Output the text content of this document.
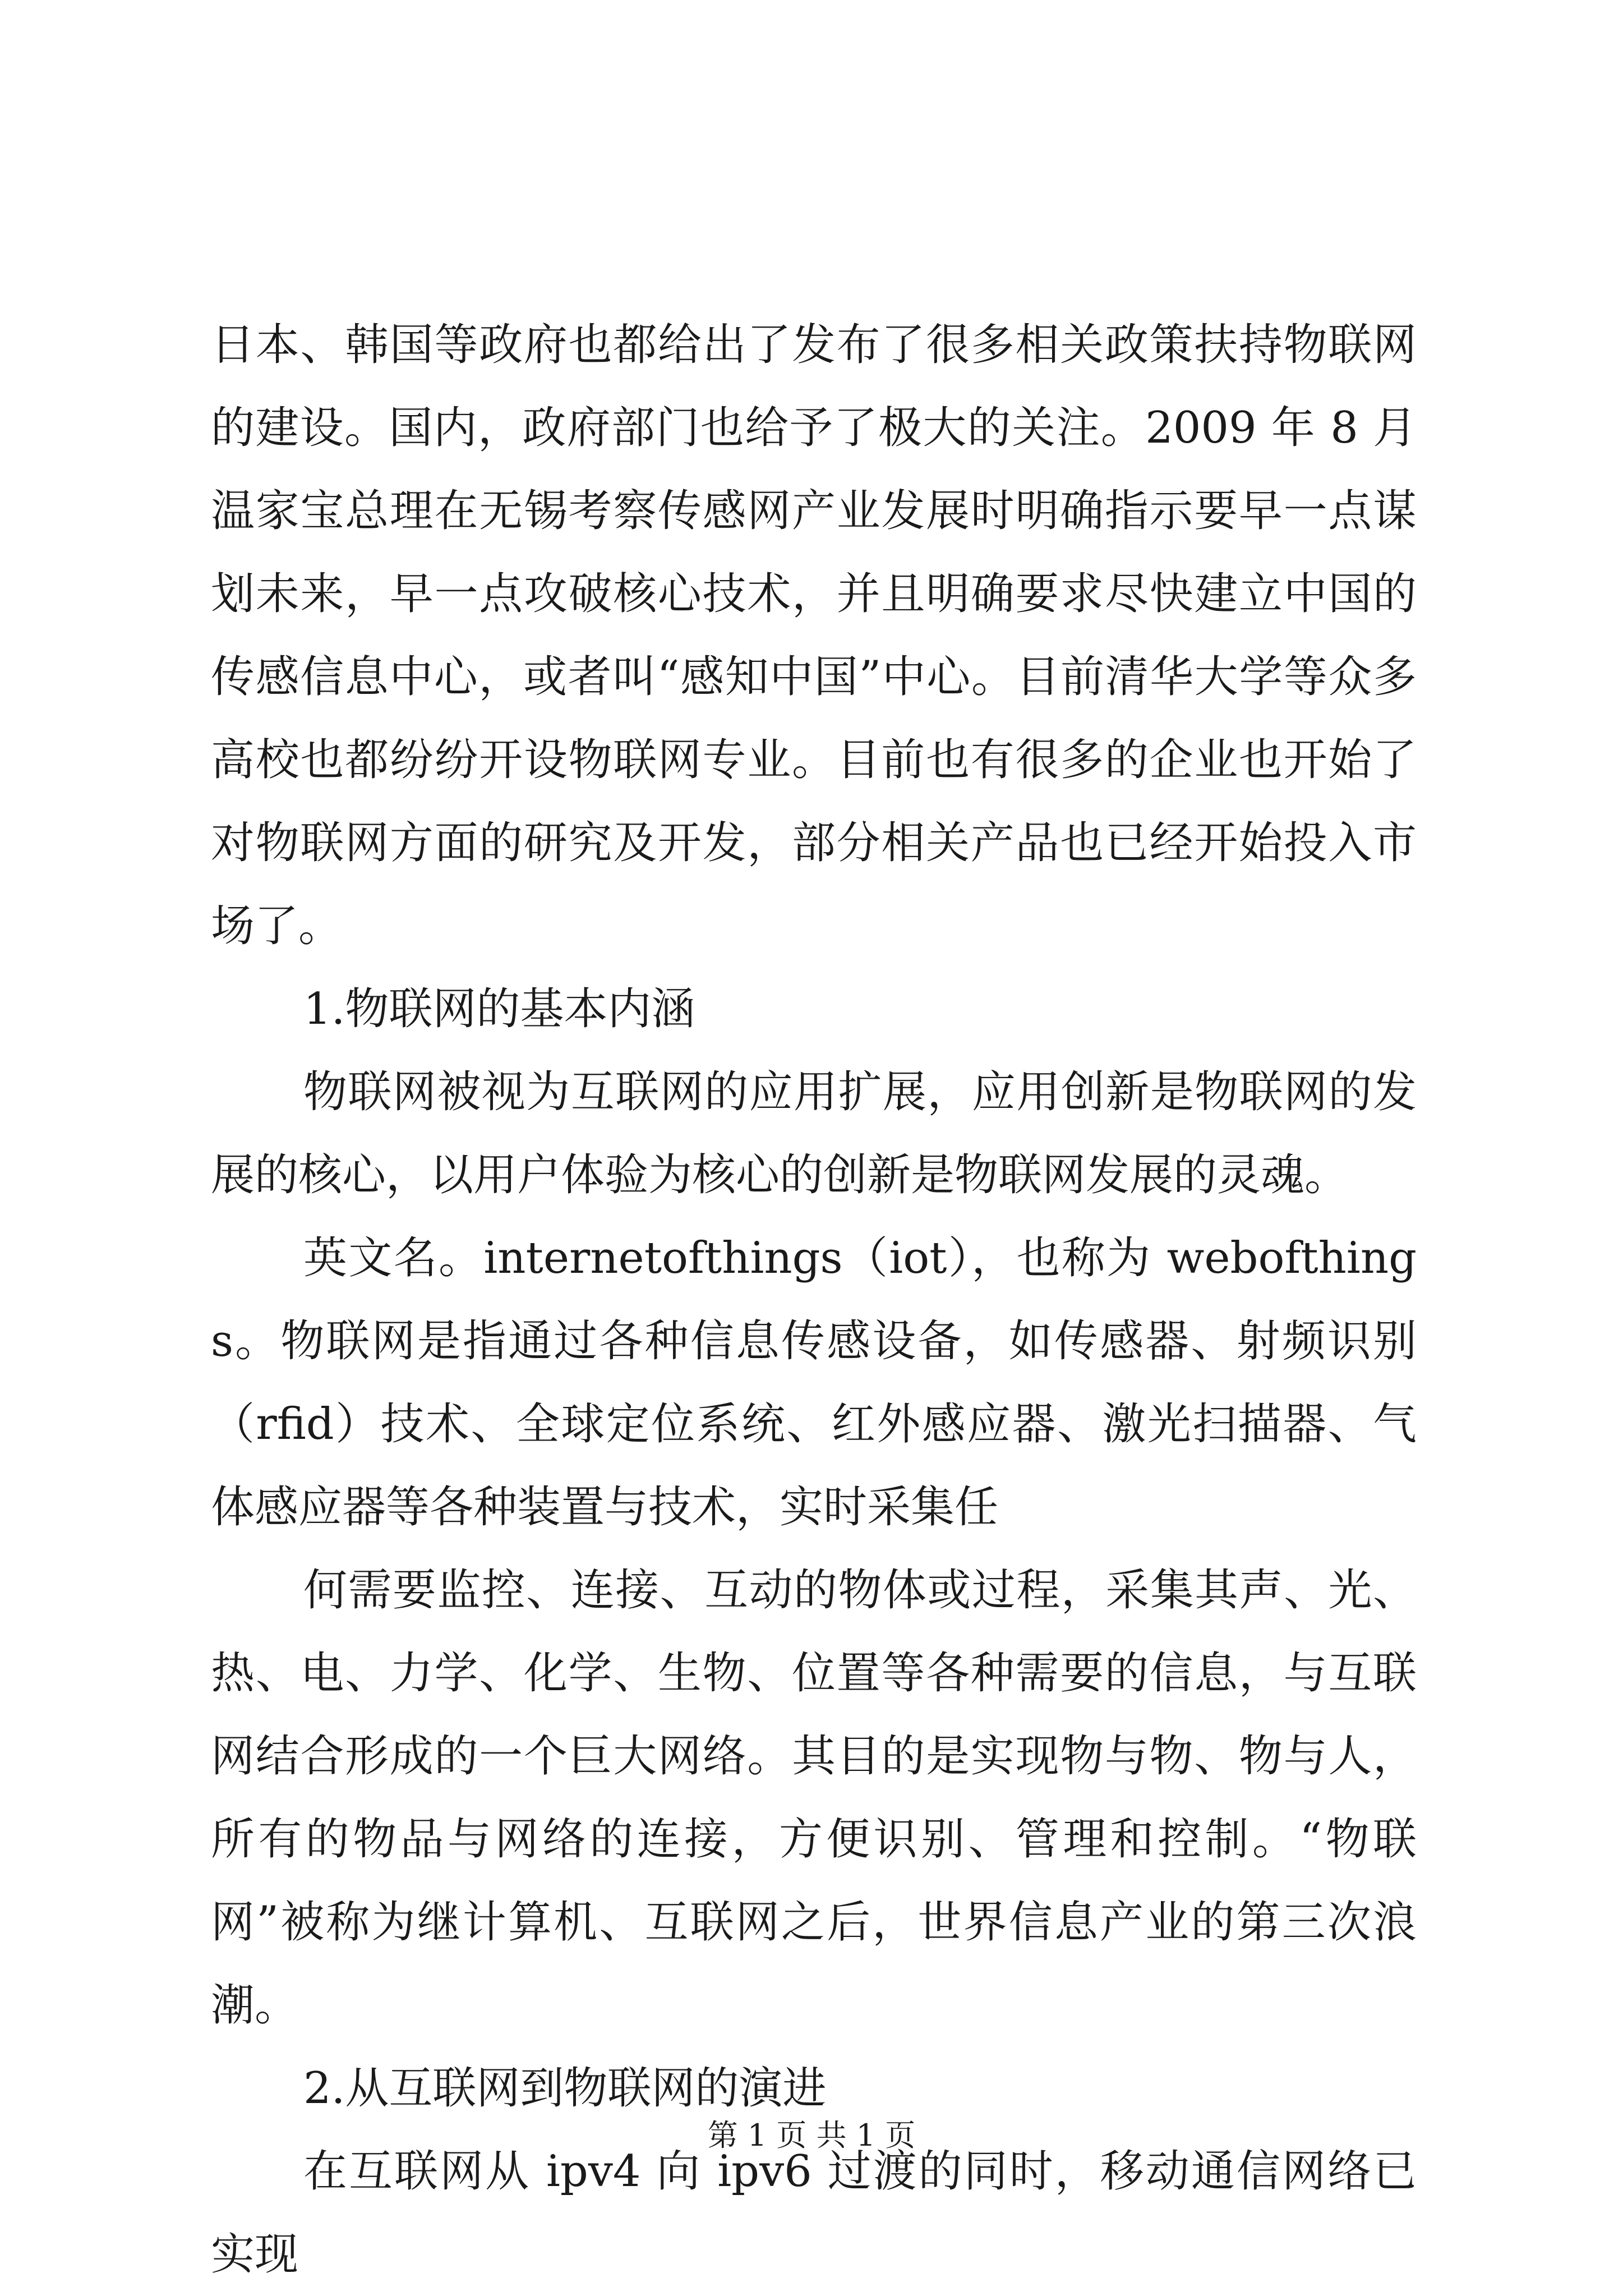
日本、韩国等政府也都给出了发布了很多相关政策扶持物联网的建设。国内，政府部门也给予了极大的关注。2009 年 8 月温家宝总理在无锡考察传感网产业发展时明确指示要早一点谋划未来，早一点攻破核心技术，并且明确要求尽快建立中国的传感信息中心，或者叫“感知中国”中心。目前清华大学等众多高校也都纷纷开设物联网专业。目前也有很多的企业也开始了对物联网方面的研究及开发，部分相关产品也已经开始投入市场了。

1.物联网的基本内涵

物联网被视为互联网的应用扩展，应用创新是物联网的发展的核心，以用户体验为核心的创新是物联网发展的灵魂。

英文名。internetofthings（iot），也称为 webofthings。物联网是指通过各种信息传感设备，如传感器、射频识别（rfid）技术、全球定位系统、红外感应器、激光扫描器、气体感应器等各种装置与技术，实时采集任

何需要监控、连接、互动的物体或过程，采集其声、光、热、电、力学、化学、生物、位置等各种需要的信息，与互联网结合形成的一个巨大网络。其目的是实现物与物、物与人，所有的物品与网络的连接，方便识别、管理和控制。“物联网”被称为继计算机、互联网之后，世界信息产业的第三次浪潮。

2.从互联网到物联网的演进

在互联网从 ipv4 向 ipv6 过渡的同时，移动通信网络已实现

第 1 页 共 1 页
